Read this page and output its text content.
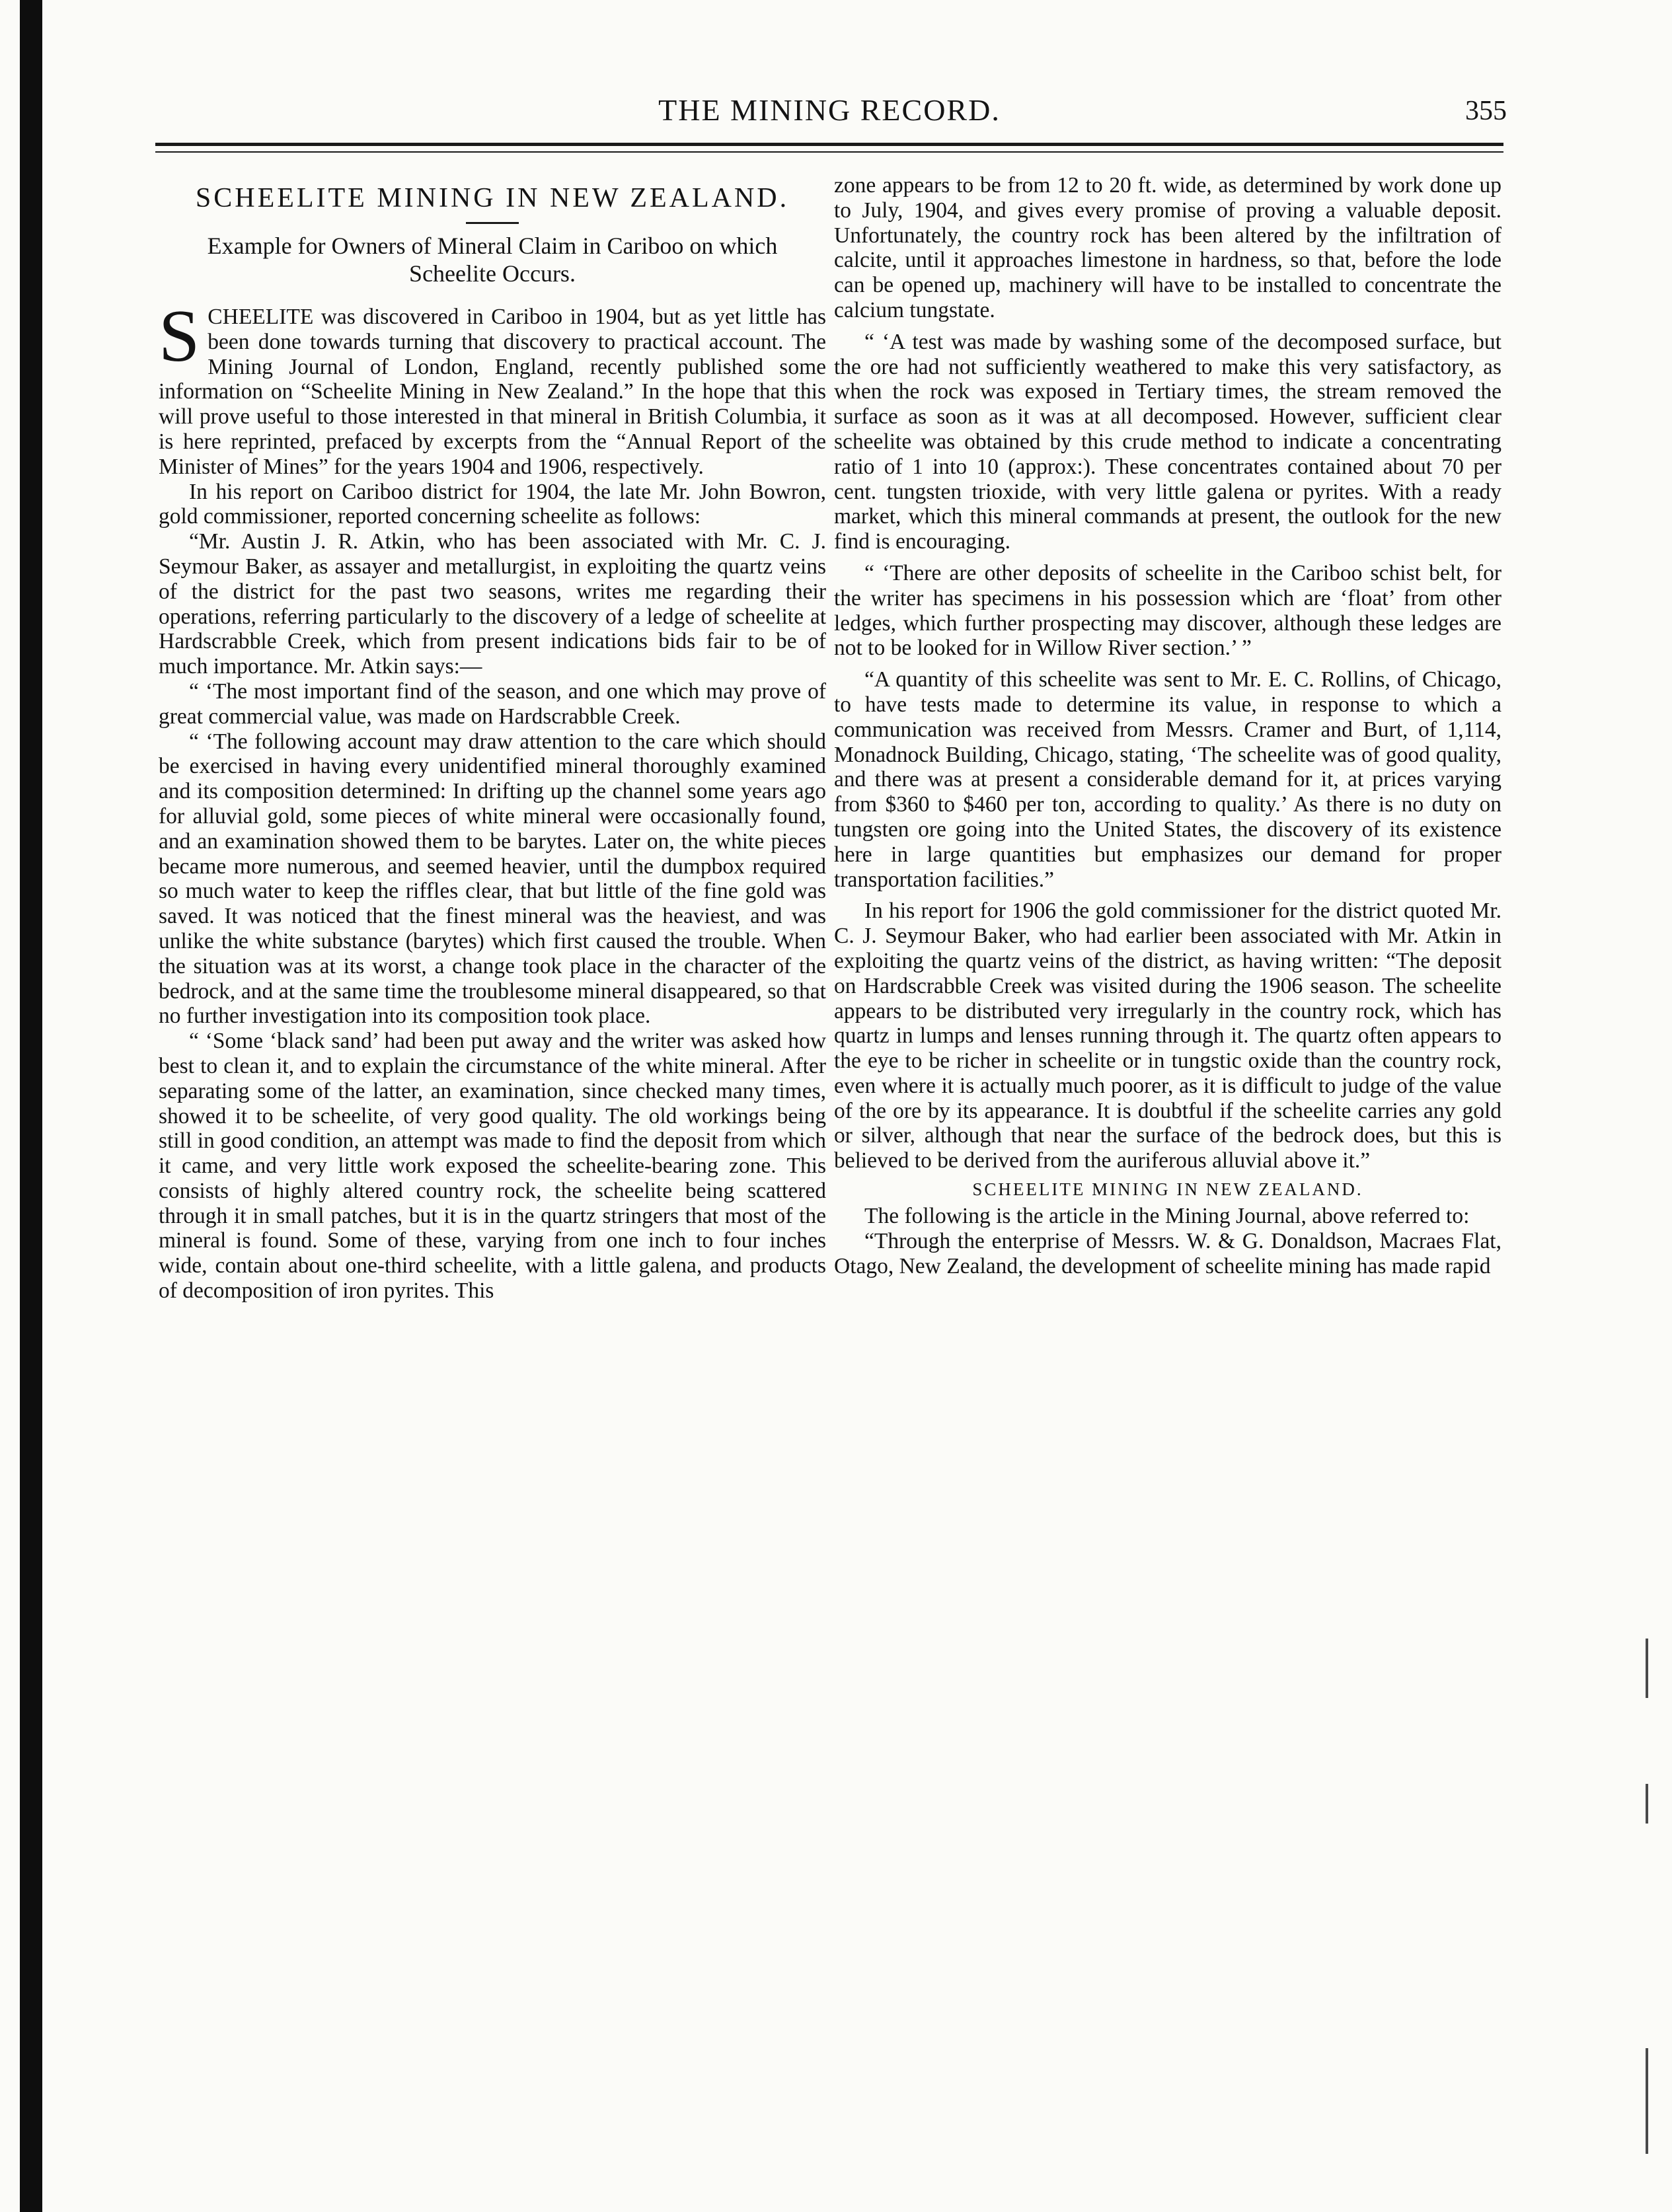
THE MINING RECORD.	355
SCHEELITE MINING IN NEW ZEALAND.
Example for Owners of Mineral Claim in Cariboo on which Scheelite Occurs.

SCHEELITE was discovered in Cariboo in 1904, but as yet little has been done towards turning that discovery to practical account. The Mining Journal of London, England, recently published some information on “Scheelite Mining in New Zealand.” In the hope that this will prove useful to those interested in that mineral in British Columbia, it is here reprinted, prefaced by excerpts from the “Annual Report of the Minister of Mines” for the years 1904 and 1906, respectively.

In his report on Cariboo district for 1904, the late Mr. John Bowron, gold commissioner, reported concerning scheelite as follows:

“Mr. Austin J. R. Atkin, who has been associated with Mr. C. J. Seymour Baker, as assayer and metallurgist, in exploiting the quartz veins of the district for the past two seasons, writes me regarding their operations, referring particularly to the discovery of a ledge of scheelite at Hardscrabble Creek, which from present indications bids fair to be of much importance. Mr. Atkin says:—

“ ‘The most important find of the season, and one which may prove of great commercial value, was made on Hardscrabble Creek.

“ ‘The following account may draw attention to the care which should be exercised in having every unidentified mineral thoroughly examined and its composition determined: In drifting up the channel some years ago for alluvial gold, some pieces of white mineral were occasionally found, and an examination showed them to be barytes. Later on, the white pieces became more numerous, and seemed heavier, until the dumpbox required so much water to keep the riffles clear, that but little of the fine gold was saved. It was noticed that the finest mineral was the heaviest, and was unlike the white substance (barytes) which first caused the trouble. When the situation was at its worst, a change took place in the character of the bedrock, and at the same time the troublesome mineral disappeared, so that no further investigation into its composition took place.

“ ‘Some ‘black sand’ had been put away and the writer was asked how best to clean it, and to explain the circumstance of the white mineral. After separating some of the latter, an examination, since checked many times, showed it to be scheelite, of very good quality. The old workings being still in good condition, an attempt was made to find the deposit from which it came, and very little work exposed the scheelite-bearing zone. This consists of highly altered country rock, the scheelite being scattered through it in small patches, but it is in the quartz stringers that most of the mineral is found. Some of these, varying from one inch to four inches wide, contain about one-third scheelite, with a little galena, and products of decomposition of iron pyrites. This

zone appears to be from 12 to 20 ft. wide, as determined by work done up to July, 1904, and gives every promise of proving a valuable deposit. Unfortunately, the country rock has been altered by the infiltration of calcite, until it approaches limestone in hardness, so that, before the lode can be opened up, machinery will have to be installed to concentrate the calcium tungstate.

“ ‘A test was made by washing some of the decomposed surface, but the ore had not sufficiently weathered to make this very satisfactory, as when the rock was exposed in Tertiary times, the stream removed the surface as soon as it was at all decomposed. However, sufficient clear scheelite was obtained by this crude method to indicate a concentrating ratio of 1 into 10 (approx:). These concentrates contained about 70 per cent. tungsten trioxide, with very little galena or pyrites. With a ready market, which this mineral commands at present, the outlook for the new find is encouraging.

“ ‘There are other deposits of scheelite in the Cariboo schist belt, for the writer has specimens in his possession which are ‘float’ from other ledges, which further prospecting may discover, although these ledges are not to be looked for in Willow River section.’ ”

“A quantity of this scheelite was sent to Mr. E. C. Rollins, of Chicago, to have tests made to determine its value, in response to which a communication was received from Messrs. Cramer and Burt, of 1,114, Monadnock Building, Chicago, stating, ‘The scheelite was of good quality, and there was at present a considerable demand for it, at prices varying from $360 to $460 per ton, according to quality.’ As there is no duty on tungsten ore going into the United States, the discovery of its existence here in large quantities but emphasizes our demand for proper transportation facilities.”

In his report for 1906 the gold commissioner for the district quoted Mr. C. J. Seymour Baker, who had earlier been associated with Mr. Atkin in exploiting the quartz veins of the district, as having written: “The deposit on Hardscrabble Creek was visited during the 1906 season. The scheelite appears to be distributed very irregularly in the country rock, which has quartz in lumps and lenses running through it. The quartz often appears to the eye to be richer in scheelite or in tungstic oxide than the country rock, even where it is actually much poorer, as it is difficult to judge of the value of the ore by its appearance. It is doubtful if the scheelite carries any gold or silver, although that near the surface of the bedrock does, but this is believed to be derived from the auriferous alluvial above it.”

SCHEELITE MINING IN NEW ZEALAND.

The following is the article in the Mining Journal, above referred to:

“Through the enterprise of Messrs. W. & G. Donaldson, Macraes Flat, Otago, New Zealand, the development of scheelite mining has made rapid
